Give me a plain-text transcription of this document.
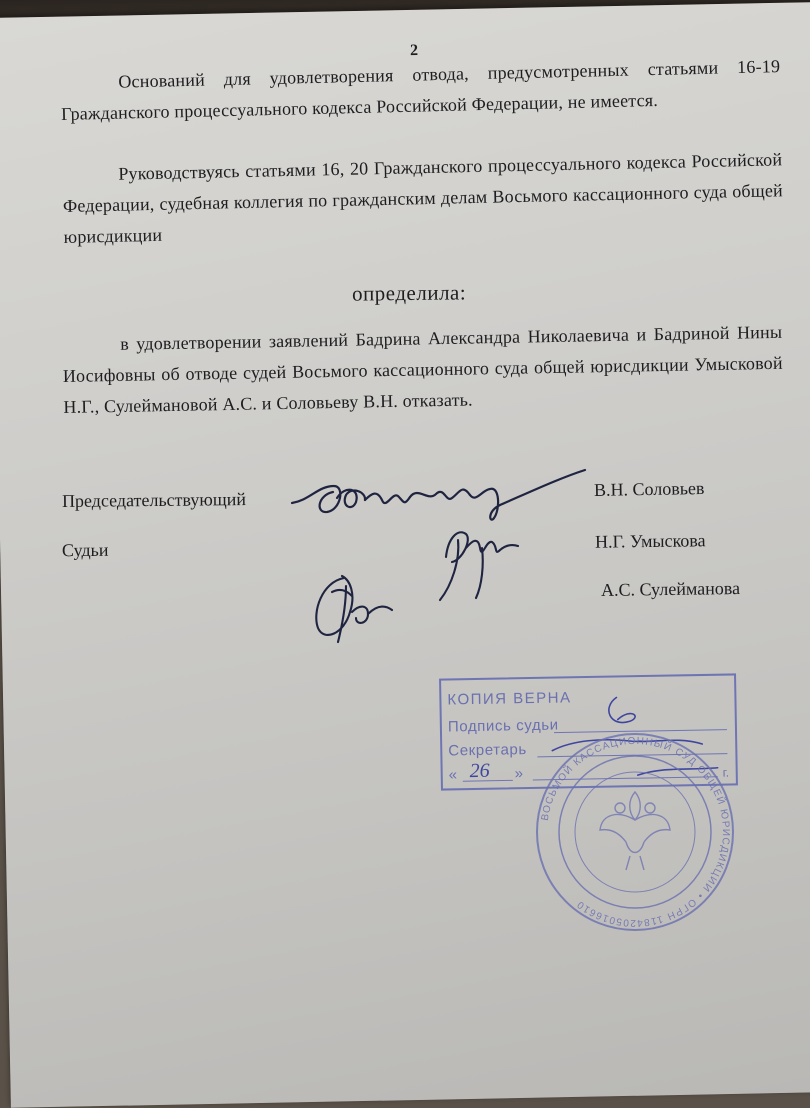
2
Оснований для удовлетворения отвода, предусмотренных статьями 16-19 Гражданского процессуального кодекса Российской Федерации, не имеется.
Руководствуясь статьями 16, 20 Гражданского процессуального кодекса Российской Федерации, судебная коллегия по гражданским делам Восьмого кассационного суда общей юрисдикции
определила:
в удовлетворении заявлений Бадрина Александра Николаевича и Бадриной Нины Иосифовны об отводе судей Восьмого кассационного суда общей юрисдикции Умысковой Н.Г., Сулеймановой А.С. и Соловьеву В.Н. отказать.
Председательствующий
Судьи
В.Н. Соловьев
Н.Г. Умыскова
А.С. Сулейманова
КОПИЯ ВЕРНА
Подпись судьи
Секретарь
« 26 »	г.
ВОСЬМОЙ КАССАЦИОННЫЙ СУД ОБЩЕЙ ЮРИСДИКЦИИ • ОГРН 1184205016610
